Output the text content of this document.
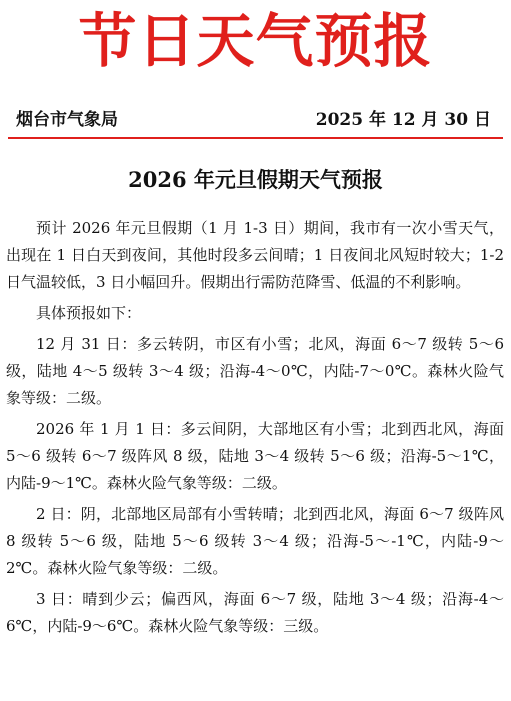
节日天气预报
烟台市气象局	2025 年 12 月 30 日
2026 年元旦假期天气预报

预计 2026 年元旦假期（1 月 1-3 日）期间，我市有一次小雪天气，出现在 1 日白天到夜间，其他时段多云间晴；1 日夜间北风短时较大；1-2 日气温较低，3 日小幅回升。假期出行需防范降雪、低温的不利影响。

具体预报如下：

12 月 31 日：多云转阴，市区有小雪；北风，海面 6～7 级转 5～6 级，陆地 4～5 级转 3～4 级；沿海-4～0℃，内陆-7～0℃。森林火险气象等级：二级。

2026 年 1 月 1 日：多云间阴，大部地区有小雪；北到西北风，海面 5～6 级转 6～7 级阵风 8 级，陆地 3～4 级转 5～6 级；沿海-5～1℃，内陆-9～1℃。森林火险气象等级：二级。

2 日：阴，北部地区局部有小雪转晴；北到西北风，海面 6～7 级阵风 8 级转 5～6 级，陆地 5～6 级转 3～4 级；沿海-5～-1℃，内陆-9～2℃。森林火险气象等级：二级。

3 日：晴到少云；偏西风，海面 6～7 级，陆地 3～4 级；沿海-4～6℃，内陆-9～6℃。森林火险气象等级：三级。
